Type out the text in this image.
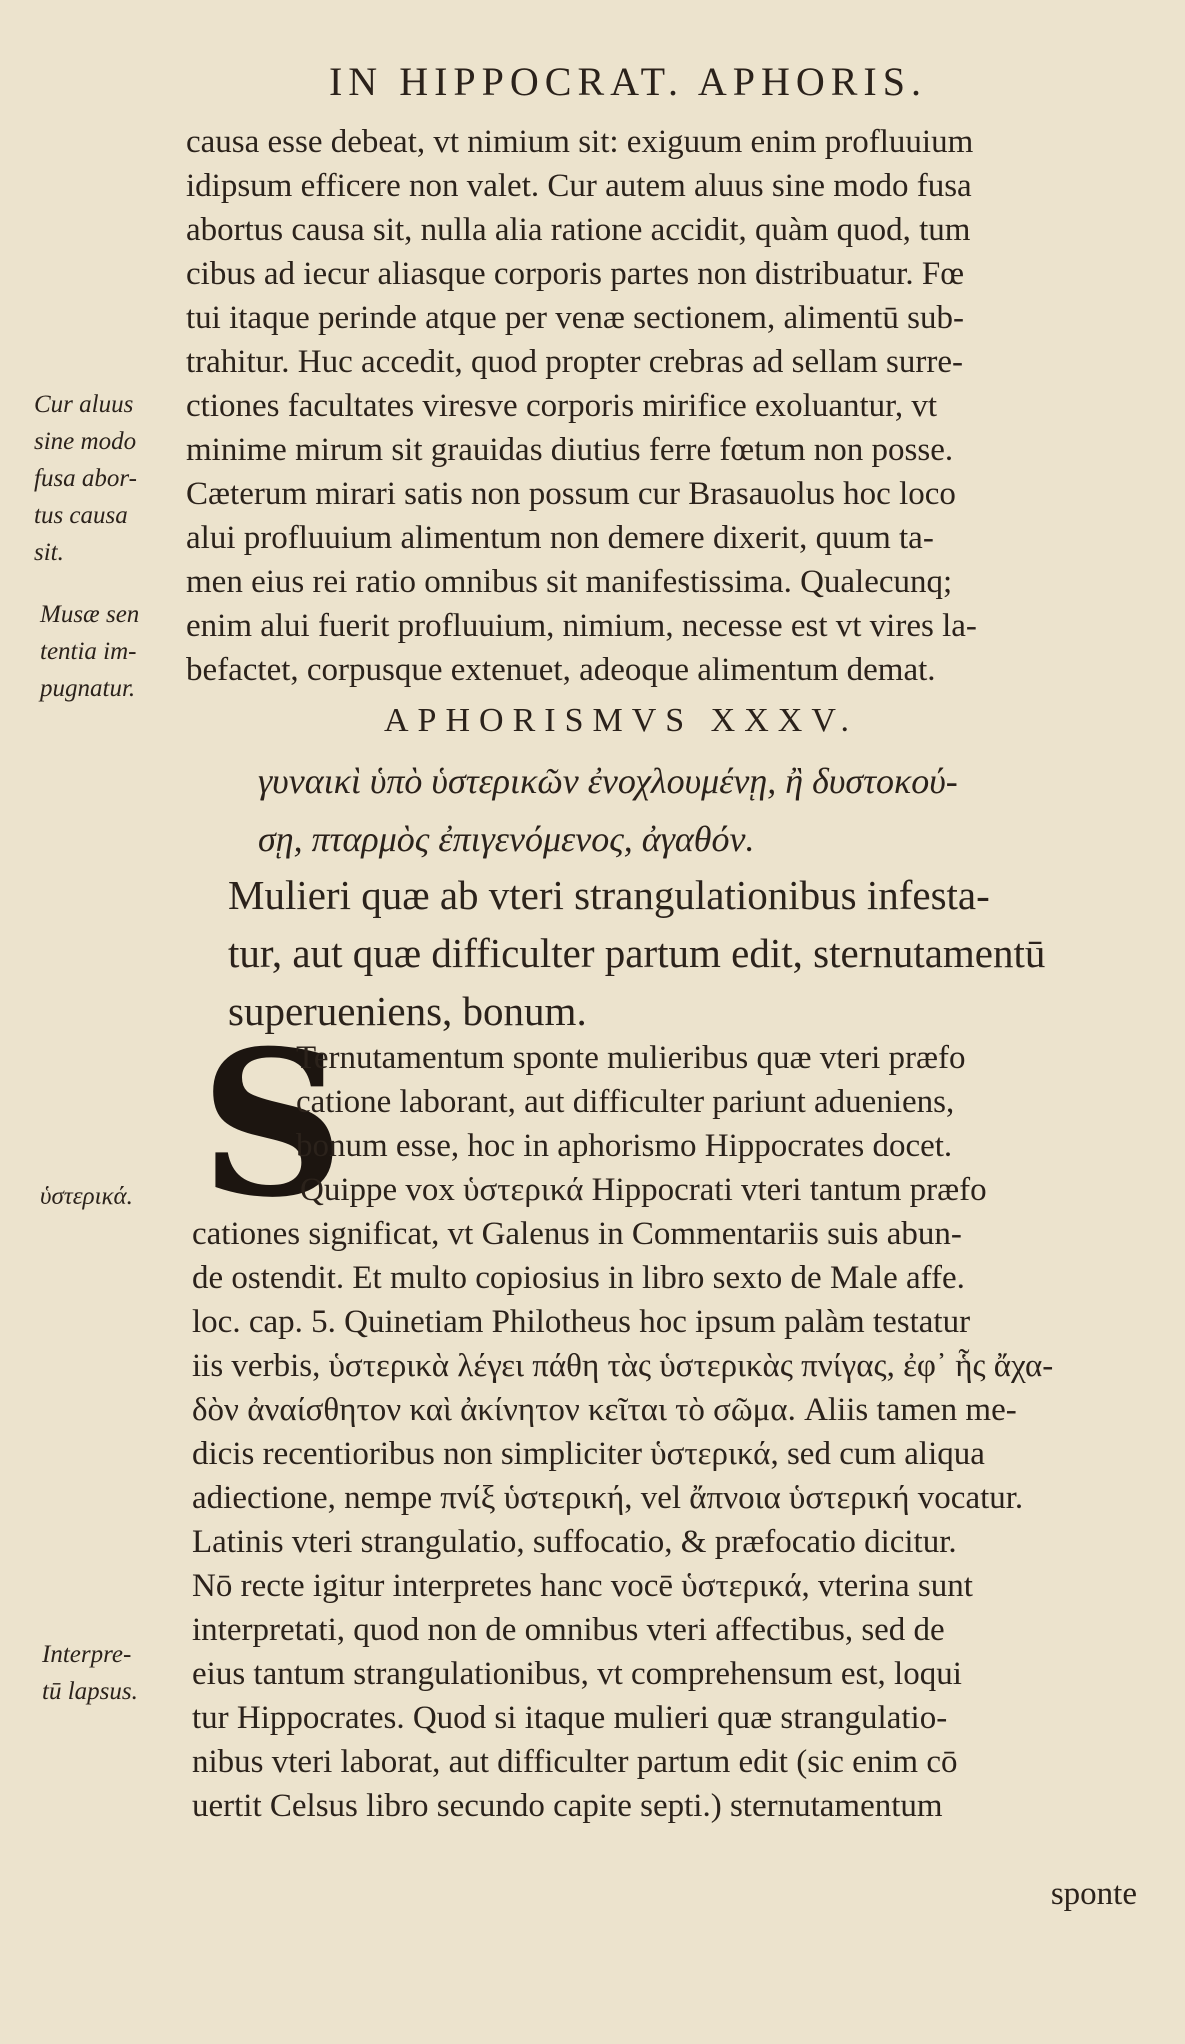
IN HIPPOCRAT. APHORIS.
causa esse debeat, vt nimium sit: exiguum enim profluuium
idipsum efficere non valet. Cur autem aluus sine modo fusa
abortus causa sit, nulla alia ratione accidit, quàm quod, tum
cibus ad iecur aliasque corporis partes non distribuatur. Fœ
tui itaque perinde atque per venæ sectionem, alimentū sub-
trahitur. Huc accedit, quod propter crebras ad sellam surre-
ctiones facultates viresve corporis mirifice exoluantur, vt
minime mirum sit grauidas diutius ferre fœtum non posse.
Cæterum mirari satis non possum cur Brasauolus hoc loco
alui profluuium alimentum non demere dixerit, quum ta-
men eius rei ratio omnibus sit manifestissima. Qualecunq;
enim alui fuerit profluuium, nimium, necesse est vt vires la-
befactet, corpusque extenuet, adeoque alimentum demat.
Cur aluus
sine modo
fusa abor-
tus causa
sit.
Musæ sen
tentia im-
pugnatur.
ὑστερικά.
Interpre-
tū lapsus.
APHORISMVS XXXV.
γυναικὶ ὑπὸ ὑστερικῶν ἐνοχλουμένῃ, ἢ δυστοκού-
σῃ, πταρμὸς ἐπιγενόμενος, ἀγαθόν.
Mulieri quæ ab vteri strangulationibus infesta-
tur, aut quæ difficulter partum edit, sternutamentū
superueniens, bonum.
S
Ternutamentum sponte mulieribus quæ vteri præfo
catione laborant, aut difficulter pariunt adueniens,
bonum esse, hoc in aphorismo Hippocrates docet.
Quippe vox ὑστερικά Hippocrati vteri tantum præfo
cationes significat, vt Galenus in Commentariis suis abun-
de ostendit. Et multo copiosius in libro sexto de Male affe.
loc. cap. 5. Quinetiam Philotheus hoc ipsum palàm testatur
iis verbis, ὑστερικὰ λέγει πάθη τὰς ὑστερικὰς πνίγας, ἐφ᾽ ἧς ἄχα-
δὸν ἀναίσθητον καὶ ἀκίνητον κεῖται τὸ σῶμα. Aliis tamen me-
dicis recentioribus non simpliciter ὑστερικά, sed cum aliqua
adiectione, nempe πνίξ ὑστερική, vel ἄπνοια ὑστερική vocatur.
Latinis vteri strangulatio, suffocatio, & præfocatio dicitur.
Nō recte igitur interpretes hanc vocē ὑστερικά, vterina sunt
interpretati, quod non de omnibus vteri affectibus, sed de
eius tantum strangulationibus, vt comprehensum est, loqui
tur Hippocrates. Quod si itaque mulieri quæ strangulatio-
nibus vteri laborat, aut difficulter partum edit (sic enim cō
uertit Celsus libro secundo capite septi.) sternutamentum
sponte
